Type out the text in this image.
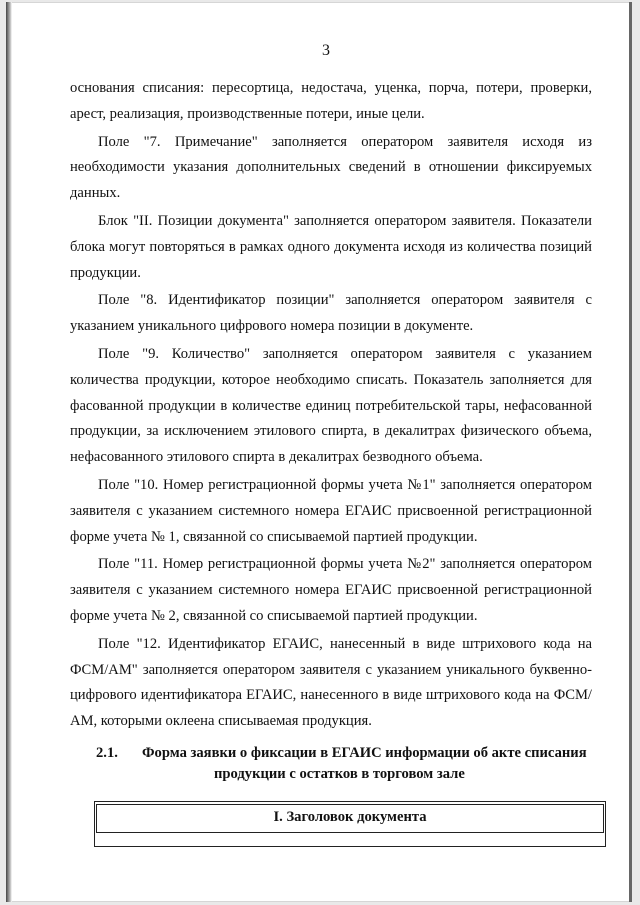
3

основания списания: пересортица, недостача, уценка, порча, потери, проверки, арест, реализация, производственные потери, иные цели.

Поле "7. Примечание" заполняется оператором заявителя исходя из необходимости указания дополнительных сведений в отношении фиксируемых данных.

Блок "II. Позиции документа" заполняется оператором заявителя. Показатели блока могут повторяться в рамках одного документа исходя из количества позиций продукции.

Поле "8. Идентификатор позиции" заполняется оператором заявителя с указанием уникального цифрового номера позиции в документе.

Поле "9. Количество" заполняется оператором заявителя с указанием количества продукции, которое необходимо списать. Показатель заполняется для фасованной продукции в количестве единиц потребительской тары, нефасованной продукции, за исключением этилового спирта, в декалитрах физического объема, нефасованного этилового спирта в декалитрах безводного объема.

Поле "10. Номер регистрационной формы учета №1" заполняется оператором заявителя с указанием системного номера ЕГАИС присвоенной регистрационной форме учета № 1, связанной со списываемой партией продукции.

Поле "11. Номер регистрационной формы учета №2" заполняется оператором заявителя с указанием системного номера ЕГАИС присвоенной регистрационной форме учета № 2, связанной со списываемой партией продукции.

Поле "12. Идентификатор ЕГАИС, нанесенный в виде штрихового кода на ФСМ/АМ" заполняется оператором заявителя с указанием уникального буквенно-цифрового идентификатора ЕГАИС, нанесенного в виде штрихового кода на ФСМ/АМ, которыми оклеена списываемая продукция.

2.1. Форма заявки о фиксации в ЕГАИС информации об акте списания
продукции с остатков в торговом зале
I. Заголовок документа
